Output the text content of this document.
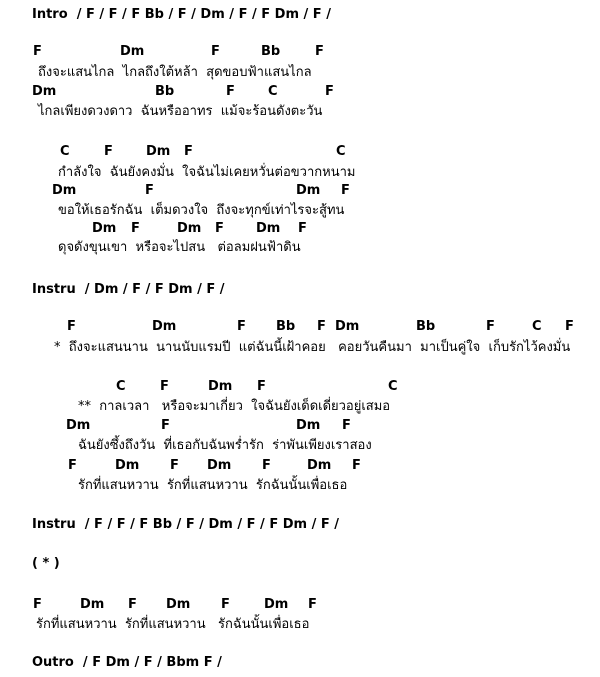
Intro  / F / F / F Bb / F / Dm / F / F Dm / F /
F	Dm	F	Bb	F
ถึงจะแสนไกล  ไกลถึงใต้หล้า  สุดขอบฟ้าแสนไกล
Dm	Bb	F	C	F
ไกลเพียงดวงดาว  ฉันหรืออาทร  แม้จะร้อนดังตะวัน
C	F	Dm F	C
กำลังใจ  ฉันยังคงมั่น  ใจฉันไม่เคยหวั่นต่อขวากหนาม
Dm	F	Dm F
ขอให้เธอรักฉัน  เต็มดวงใจ  ถึงจะทุกข์เท่าไรจะสู้ทน
Dm F	Dm F Dm F
ดุจดังขุนเขา  หรือจะไปสน   ต่อลมฝนฟ้าดิน
Instru  / Dm / F / F Dm / F /
F	Dm	F Bb F Dm	Bb	F	C F
*  ถึงจะแสนนาน  นานนับแรมปี  แต่ฉันนี้เฝ้าคอย   คอยวันคืนมา  มาเป็นคู่ใจ  เก็บรักไว้คงมั่น
C	F	Dm F	C
**  กาลเวลา   หรือจะมาเกี่ยว  ใจฉันยังเด็ดเดี่ยวอยู่เสมอ
Dm	F	Dm F
ฉันยังซึ้งถึงวัน  ที่เธอกับฉันพร่ำรัก  ร่าพันเพียงเราสอง
F	Dm F Dm F	Dm F
รักที่แสนหวาน  รักที่แสนหวาน  รักฉันนั้นเพื่อเธอ
Instru  / F / F / F Bb / F / Dm / F / F Dm / F /
( * )
F	Dm F Dm F	Dm F
รักที่แสนหวาน  รักที่แสนหวาน   รักฉันนั้นเพื่อเธอ
Outro  / F Dm / F / Bbm F /
